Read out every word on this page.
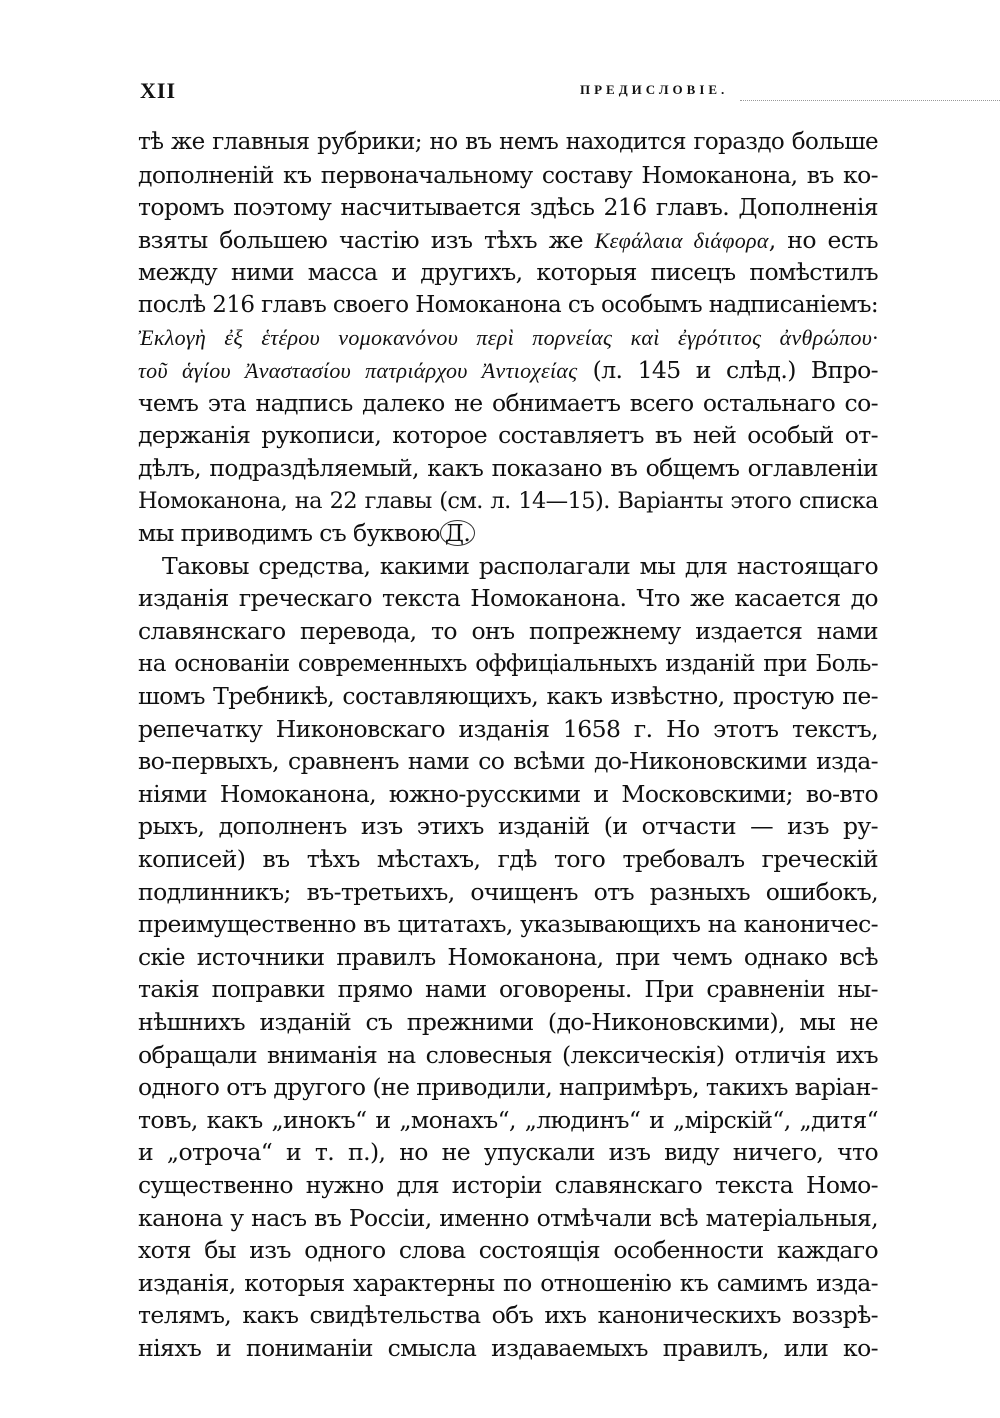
XII	ПРЕДИСЛОВІЕ.
тѣ же главныя рубрики; но въ немъ находится гораздо больше
дополненій къ первоначальному составу Номоканона, въ ко-
торомъ поэтому насчитывается здѣсь 216 главъ. Дополненія
взяты большею частію изъ тѣхъ же Κεφάλαια διάφορα, но есть
между ними масса и другихъ, которыя писецъ помѣстилъ
послѣ 216 главъ своего Номоканона съ особымъ надписаніемъ:
Ἐκλογὴ ἐξ ἑτέρου νομοκανόνου περὶ πορνείας καὶ ἐγρότιτος ἀνθρώπου·
τοῦ ἁγίου Ἀναστασίου πατριάρχου Ἀντιοχείας (л. 145 и слѣд.) Впро-
чемъ эта надпись далеко не обнимаетъ всего остальнаго со-
держанія рукописи, которое составляетъ въ ней особый от-
дѣлъ, подраздѣляемый, какъ показано въ общемъ оглавленіи
Номоканона, на 22 главы (см. л. 14—15). Варіанты этого списка
мы приводимъ съ буквою Д.
Таковы средства, какими располагали мы для настоящаго
изданія греческаго текста Номоканона. Что же касается до
славянскаго перевода, то онъ попрежнему издается нами
на основаніи современныхъ оффиціальныхъ изданій при Боль-
шомъ Требникѣ, составляющихъ, какъ извѣстно, простую пе-
репечатку Никоновскаго изданія 1658 г. Но этотъ текстъ,
во-первыхъ, сравненъ нами со всѣми до-Никоновскими изда-
ніями Номоканона, южно-русскими и Московскими; во-вто
рыхъ, дополненъ изъ этихъ изданій (и отчасти — изъ ру-
кописей) въ тѣхъ мѣстахъ, гдѣ того требовалъ греческій
подлинникъ; въ-третьихъ, очищенъ отъ разныхъ ошибокъ,
преимущественно въ цитатахъ, указывающихъ на каноничес-
скіе источники правилъ Номоканона, при чемъ однако всѣ
такія поправки прямо нами оговорены. При сравненіи ны-
нѣшнихъ изданій съ прежними (до-Никоновскими), мы не
обращали вниманія на словесныя (лексическія) отличія ихъ
одного отъ другого (не приводили, напримѣръ, такихъ варіан-
товъ, какъ „инокъ“ и „монахъ“, „людинъ“ и „мірскій“, „дитя“
и „отроча“ и т. п.), но не упускали изъ виду ничего, что
существенно нужно для исторіи славянскаго текста Номо-
канона у насъ въ Россіи, именно отмѣчали всѣ матеріальныя,
хотя бы изъ одного слова состоящія особенности каждаго
изданія, которыя характерны по отношенію къ самимъ изда-
телямъ, какъ свидѣтельства объ ихъ каноническихъ воззрѣ-
ніяхъ и пониманіи смысла издаваемыхъ правилъ, или ко-
